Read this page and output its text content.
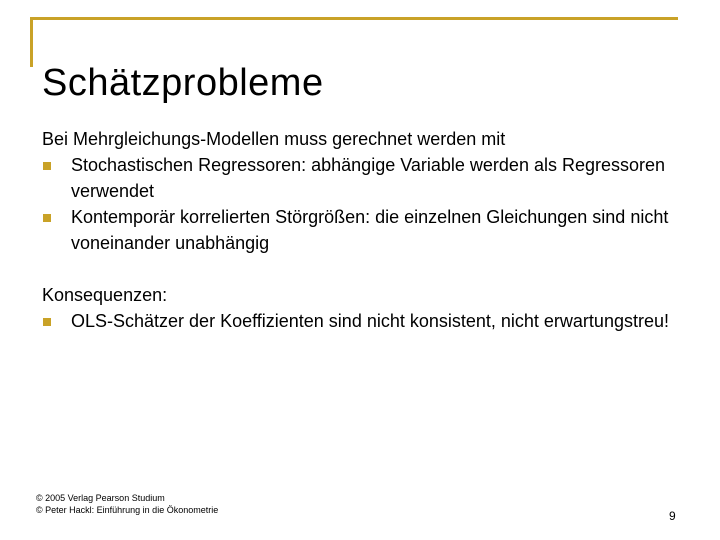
Schätzprobleme

Bei Mehrgleichungs-Modellen muss gerechnet werden mit

Stochastischen Regressoren: abhängige Variable werden als Regressoren verwendet
Kontemporär korrelierten Störgrößen: die einzelnen Gleichungen sind nicht voneinander unabhängig

Konsequenzen:

OLS-Schätzer der Koeffizienten sind nicht konsistent, nicht erwartungstreu!
© 2005 Verlag Pearson Studium
© Peter Hackl: Einführung in die Ökonometrie	9
